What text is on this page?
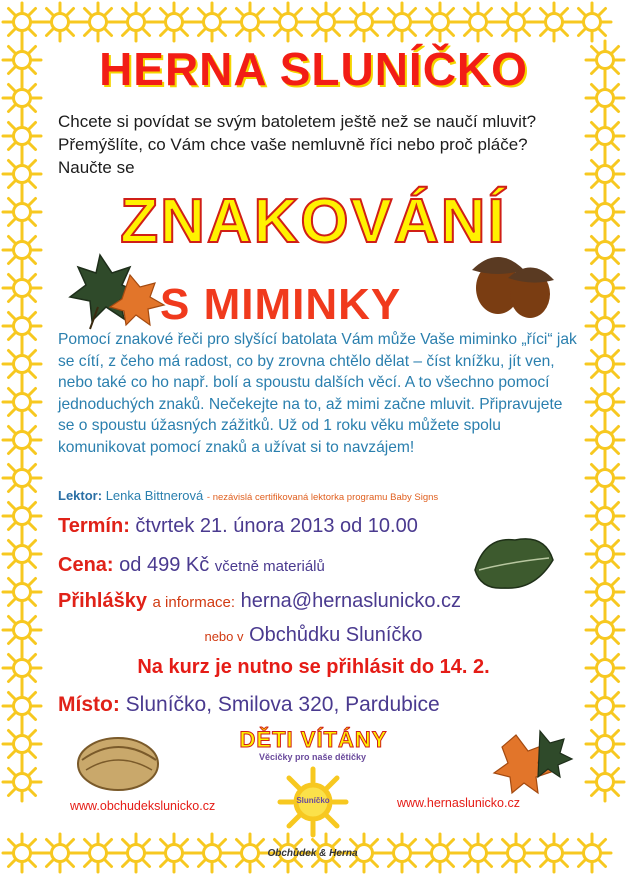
HERNA SLUNÍČKO
Chcete si povídat se svým batoletem ještě než se naučí mluvit?
Přemýšlíte, co Vám chce vaše nemluvně říci nebo proč pláče?
Naučte se
ZNAKOVÁNÍ
S MIMINKY
Pomocí znakové řeči pro slyšící batolata Vám může Vaše miminko „říci“ jak se cítí, z čeho má radost, co by zrovna chtělo dělat – číst knížku, jít ven, nebo také co ho např. bolí a spoustu dalších věcí. A to všechno pomocí jednoduchých znaků. Nečekejte na to, až mimi začne mluvit. Připravujete se o spoustu úžasných zážitků. Už od 1 roku věku můžete spolu komunikovat pomocí znaků a užívat si to navzájem!
Lektor: Lenka Bittnerová - nezávislá certifikovaná lektorka programu Baby Signs
Termín: čtvrtek 21. února 2013 od 10.00
Cena: od 499 Kč včetně materiálů
Přihlášky a informace: herna@hernaslunicko.cz
nebo v Obchůdku Sluníčko
Na kurz je nutno se přihlásit do 14. 2.
Místo: Sluníčko, Smilova 320, Pardubice
DĚTI VÍTÁNY
www.obchudekslunicko.cz	www.hernaslunicko.cz
Věcičky pro naše dětičky
Sluníčko
Obchůdek & Herna
